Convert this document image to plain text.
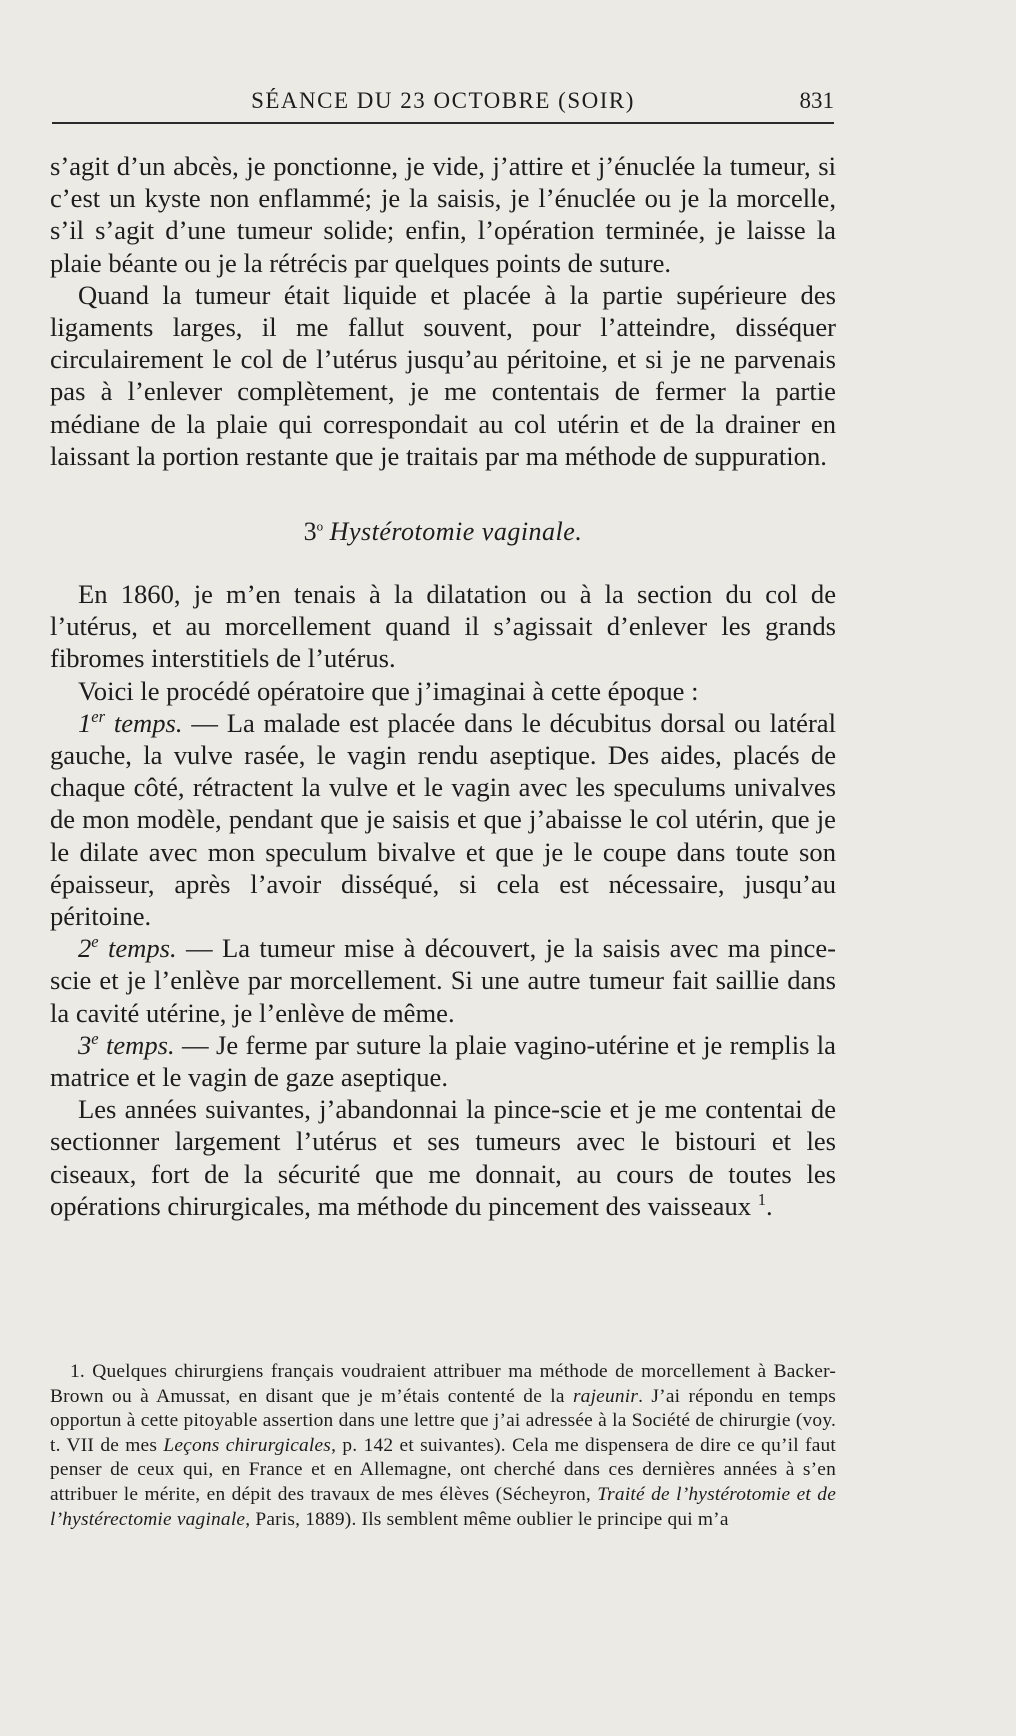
SÉANCE DU 23 OCTOBRE (SOIR)	831

s’agit d’un abcès, je ponctionne, je vide, j’attire et j’énuclée la tumeur, si c’est un kyste non enflammé; je la saisis, je l’énuclée ou je la morcelle, s’il s’agit d’une tumeur solide; enfin, l’opération terminée, je laisse la plaie béante ou je la rétrécis par quelques points de suture.

Quand la tumeur était liquide et placée à la partie supérieure des ligaments larges, il me fallut souvent, pour l’atteindre, disséquer circulairement le col de l’utérus jusqu’au péritoine, et si je ne parvenais pas à l’enlever complètement, je me contentais de fermer la partie médiane de la plaie qui correspondait au col utérin et de la drainer en laissant la portion restante que je traitais par ma méthode de suppuration.

3$^o$ Hystérotomie vaginale.

En 1860, je m’en tenais à la dilatation ou à la section du col de l’utérus, et au morcellement quand il s’agissait d’enlever les grands fibromes interstitiels de l’utérus.

Voici le procédé opératoire que j’imaginai à cette époque :

1er temps. — La malade est placée dans le décubitus dorsal ou latéral gauche, la vulve rasée, le vagin rendu aseptique. Des aides, placés de chaque côté, rétractent la vulve et le vagin avec les speculums univalves de mon modèle, pendant que je saisis et que j’abaisse le col utérin, que je le dilate avec mon speculum bivalve et que je le coupe dans toute son épaisseur, après l’avoir disséqué, si cela est nécessaire, jusqu’au péritoine.

2e temps. — La tumeur mise à découvert, je la saisis avec ma pince-scie et je l’enlève par morcellement. Si une autre tumeur fait saillie dans la cavité utérine, je l’enlève de même.

3e temps. — Je ferme par suture la plaie vagino-utérine et je remplis la matrice et le vagin de gaze aseptique.

Les années suivantes, j’abandonnai la pince-scie et je me contentai de sectionner largement l’utérus et ses tumeurs avec le bistouri et les ciseaux, fort de la sécurité que me donnait, au cours de toutes les opérations chirurgicales, ma méthode du pincement des vaisseaux $^1$.

1. Quelques chirurgiens français voudraient attribuer ma méthode de morcellement à Backer-Brown ou à Amussat, en disant que je m’étais contenté de la rajeunir. J’ai répondu en temps opportun à cette pitoyable assertion dans une lettre que j’ai adressée à la Société de chirurgie (voy. t. VII de mes Leçons chirurgicales, p. 142 et suivantes). Cela me dispensera de dire ce qu’il faut penser de ceux qui, en France et en Allemagne, ont cherché dans ces dernières années à s’en attribuer le mérite, en dépit des travaux de mes élèves (Sécheyron, Traité de l’hystérotomie et de l’hystérectomie vaginale, Paris, 1889). Ils semblent même oublier le principe qui m’a
